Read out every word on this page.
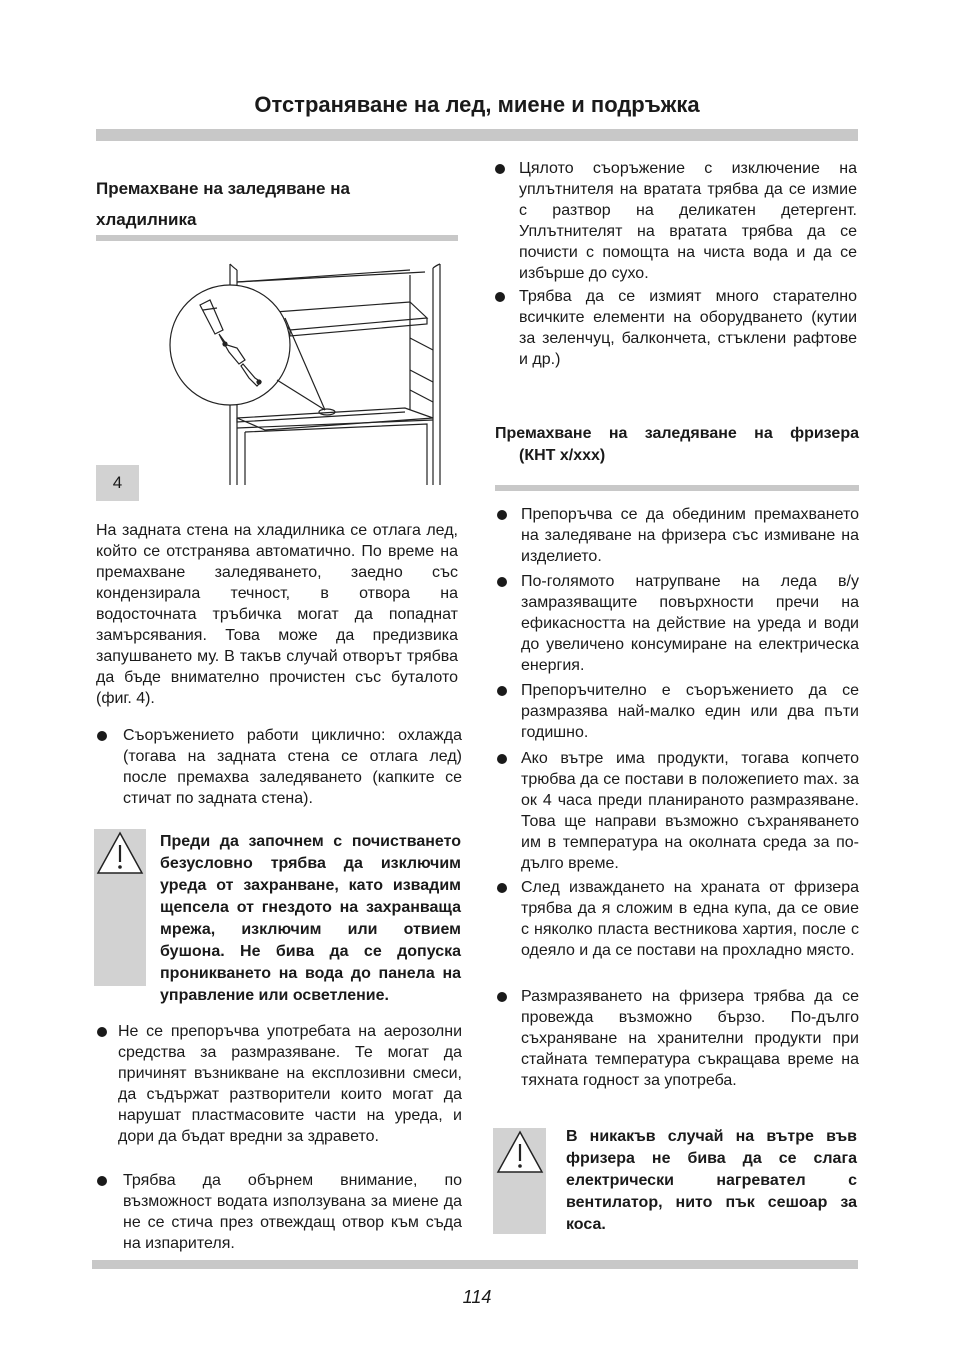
Отстраняване на лед, миене и подръжка
Премахване на заледяване на
хладилника
4
На задната стена на хладилника се отлага лед, който се отстранява автоматично. По време на премахване заледяването, заедно със кондензирала течност, в отвора на водосточната тръбичка могат да попаднат замърсявания. Това може да предизвика запушването му. В такъв случай отворът трябва да бъде внимателно прочистен със буталото (фиг. 4).
Съоръжението работи циклично: охлажда (тогава на задната стена се отлага лед) после премахва заледяването (капките се стичат по задната стена).
Преди да започнем с почистването безусловно трябва да изключим уреда от захранване, като извадим щепсела от гнездото на захранваща мрежа, изключим или отвием бушона. Не бива да се допуска проникването на вода до панела на управление или осветление.
Не се препоръчва употребата на аерозолни средства за размразяване. Те могат да причинят възникване на експлозивни смеси, да съдържат разтворители които могат да нарушат пластмасовите части на уреда, и дори да бъдат вредни за здравето.
Трябва да обърнем внимание, по възможност водата използувана за миене да не се стича през отвеждащ отвор към съда на изпарителя.
Цялото съоръжение с изключение на уплътнителя на вратата трябва да се измие с разтвор на деликатен детергент. Уплътнителят на вратата трябва да се почисти с помощта на чиста вода и да се избърше до сухо.
Трябва да се измият много старателно всичките елементи на оборудването (кутии за зеленчуц, балкончета, стъклени рафтове и др.)
Премахване на заледяване на фризера
(КНТ x/xxx)
Препоръчва се да обединим премахването на заледяване на фризера със измиване на изделието.
По-голямото натрупване на леда в/у замразяващите повърхности пречи на ефикасността на действие на уреда и води до увеличено консумиране на електрическа енергия.
Препоръчително е съоръжението да се размразява най-малко един или два пъти годишно.
Ако вътре има продукти, тогава копчето трюбва да се постави в положепието max. за ок 4 часа преди планираното размразяване. Това ще направи възможно съхраняването им в температура на околната среда за по-дълго време.
След изваждането на храната от фризера трябва да я сложим в една купа, да се овие с няколко пласта вестникова хартия, после с одеяло и да се постави на прохладно място.
Размразяването на фризера трябва да се провежда възможно бързо. По-дълго съхраняване на хранителни продукти при стайната температура съкращава време на тяхната годност за употреба.
В никакъв случай на вътре във фризера не бива да се слага електрически нагревател с вентилатор, нито пък сешоар за коса.
114
